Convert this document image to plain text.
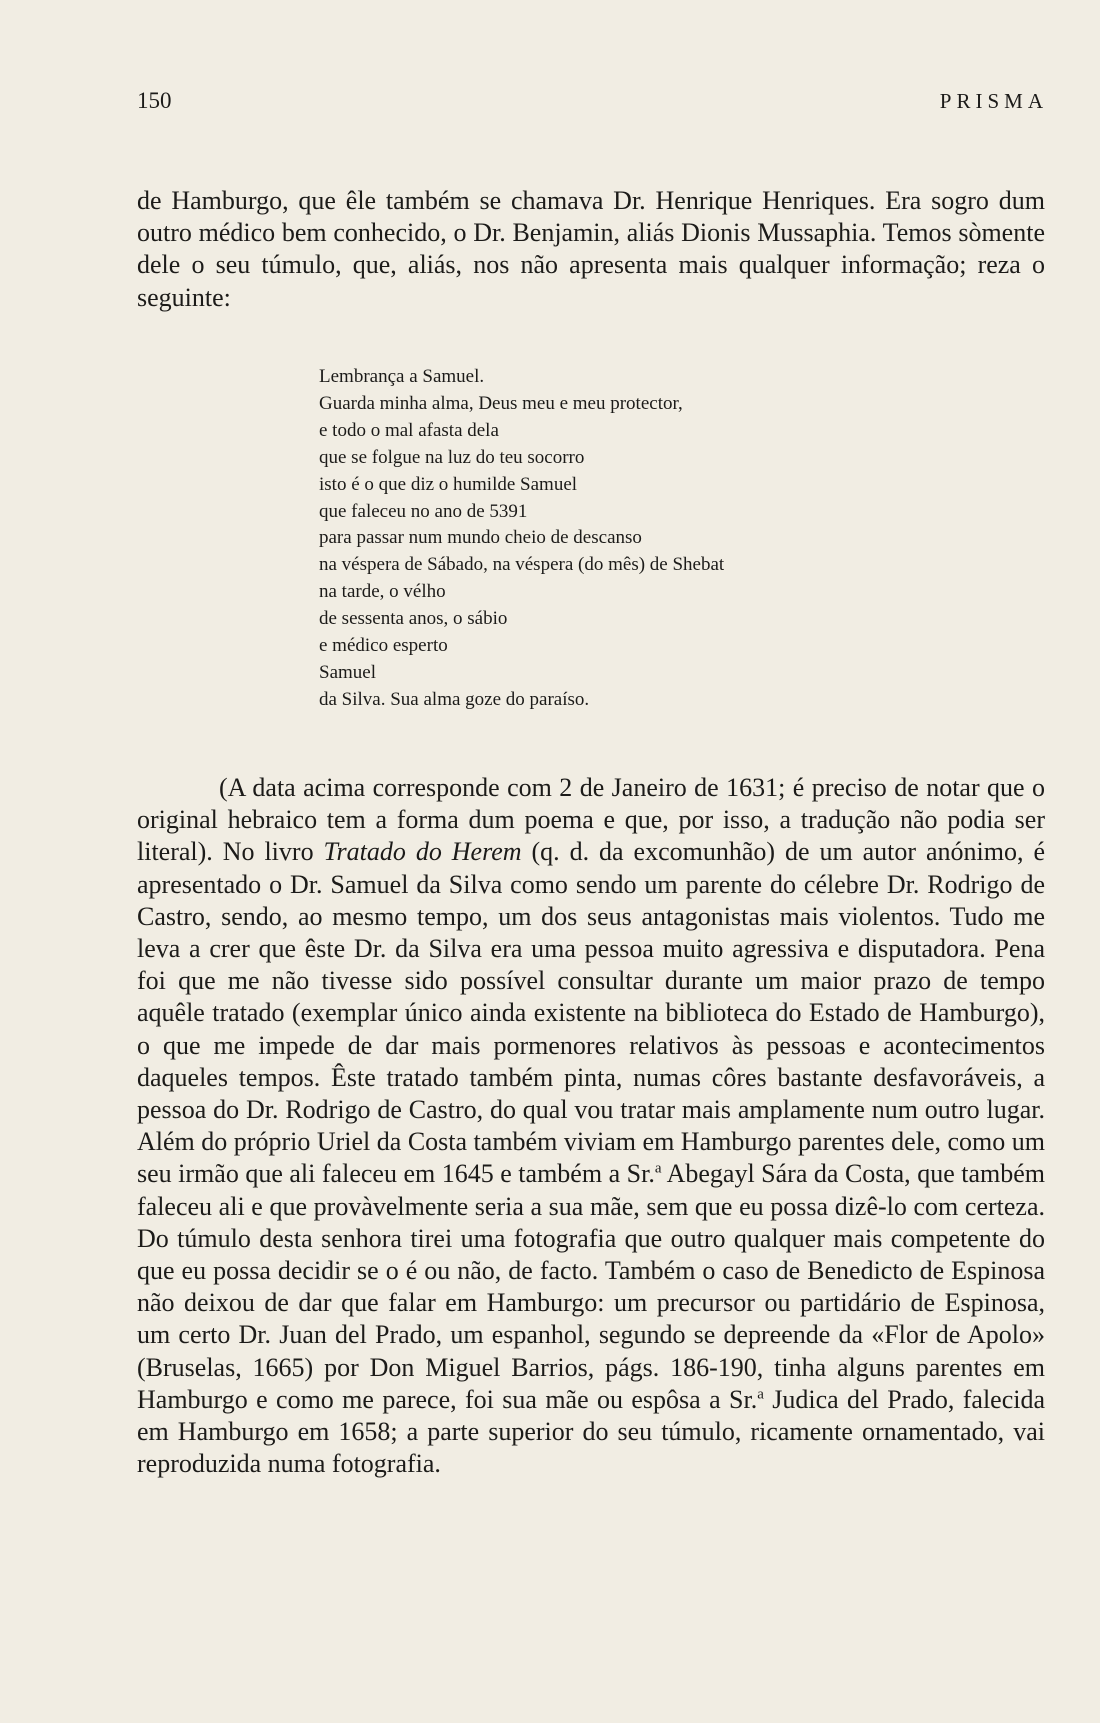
150	PRISMA

de Hamburgo, que êle também se chamava Dr. Henrique Henriques. Era sogro dum outro médico bem conhecido, o Dr. Benjamin, aliás Dionis Mussaphia. Temos sòmente dele o seu túmulo, que, aliás, nos não apresenta mais qualquer informação; reza o seguinte:

Lembrança a Samuel.
Guarda minha alma, Deus meu e meu protector,
e todo o mal afasta dela
que se folgue na luz do teu socorro
isto é o que diz o humilde Samuel
que faleceu no ano de 5391
para passar num mundo cheio de descanso
na véspera de Sábado, na véspera (do mês) de Shebat
na tarde, o vélho
de sessenta anos, o sábio
e médico esperto
Samuel
da Silva. Sua alma goze do paraíso.

(A data acima corresponde com 2 de Janeiro de 1631; é preciso de notar que o original hebraico tem a forma dum poema e que, por isso, a tradução não podia ser literal). No livro Tratado do Herem (q. d. da excomunhão) de um autor anónimo, é apresentado o Dr. Samuel da Silva como sendo um parente do célebre Dr. Rodrigo de Castro, sendo, ao mesmo tempo, um dos seus antagonistas mais violentos. Tudo me leva a crer que êste Dr. da Silva era uma pessoa muito agressiva e disputadora. Pena foi que me não tivesse sido possível consultar durante um maior prazo de tempo aquêle tratado (exemplar único ainda existente na biblioteca do Estado de Hamburgo), o que me impede de dar mais pormenores relativos às pessoas e acontecimentos daqueles tempos. Êste tratado também pinta, numas côres bastante desfavoráveis, a pessoa do Dr. Rodrigo de Castro, do qual vou tratar mais amplamente num outro lugar. Além do próprio Uriel da Costa também viviam em Hamburgo parentes dele, como um seu irmão que ali faleceu em 1645 e também a Sr.$^a$ Abegayl Sára da Costa, que também faleceu ali e que provàvelmente seria a sua mãe, sem que eu possa dizê-lo com certeza. Do túmulo desta senhora tirei uma fotografia que outro qualquer mais competente do que eu possa decidir se o é ou não, de facto. Também o caso de Benedicto de Espinosa não deixou de dar que falar em Hamburgo: um precursor ou partidário de Espinosa, um certo Dr. Juan del Prado, um espanhol, segundo se depreende da «Flor de Apolo» (Bruselas, 1665) por Don Miguel Barrios, págs. 186-190, tinha alguns parentes em Hamburgo e como me parece, foi sua mãe ou espôsa a Sr.$^a$ Judica del Prado, falecida em Hamburgo em 1658; a parte superior do seu túmulo, ricamente ornamentado, vai reproduzida numa fotografia.
